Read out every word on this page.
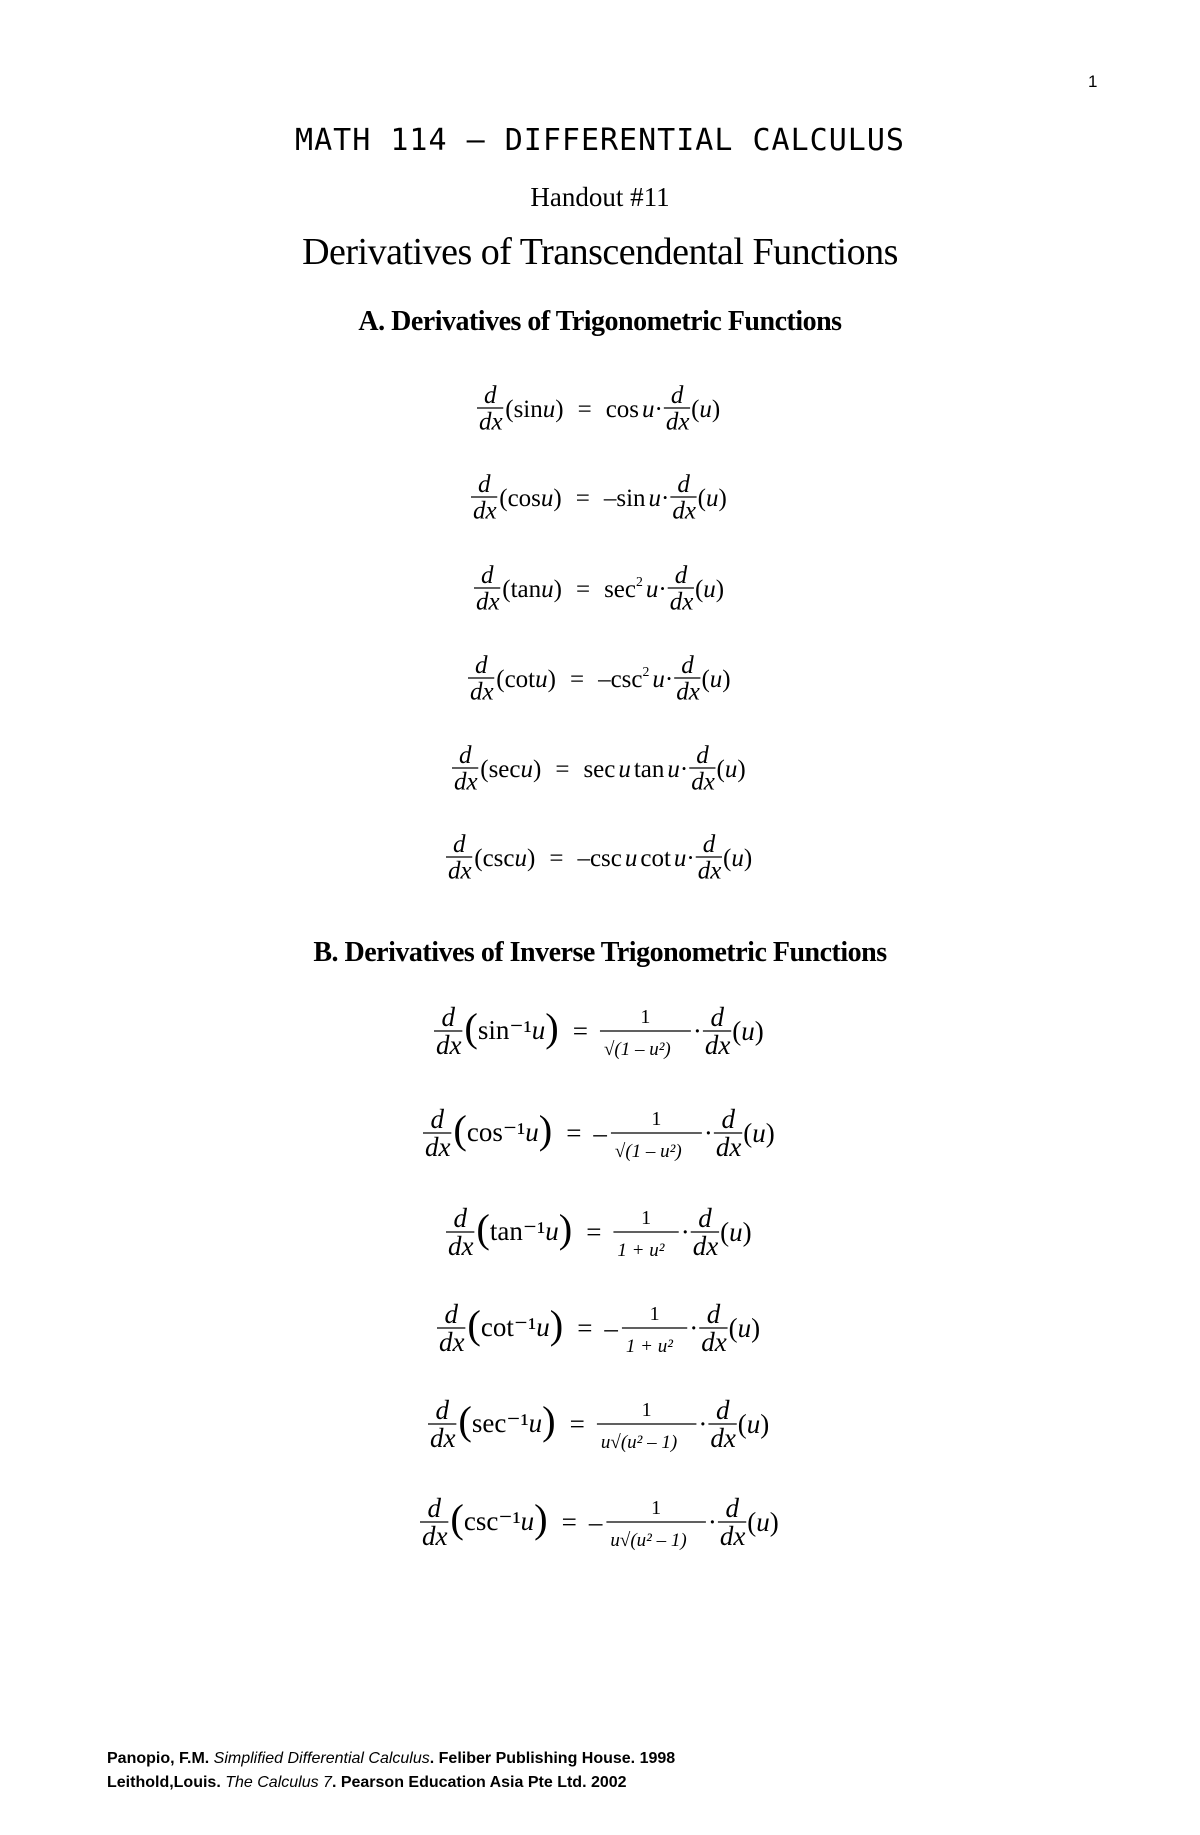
1
MATH 114 – DIFFERENTIAL CALCULUS
Handout #11
Derivatives of Transcendental Functions
A. Derivatives of Trigonometric Functions
d
dx (sin u ) = cos u ·
d
dx ( u )
d
dx (cos u ) = – sin u ·
d
dx ( u )
d
dx (tan u ) = sec 2 u ·
d
dx ( u )
d
dx (cot u ) = – csc 2 u ·
d
dx ( u )
d
dx (sec u ) = sec u tan u ·
d
dx ( u )
d
dx (csc u ) = – csc u cot u ·
d
dx ( u )
B. Derivatives of Inverse Trigonometric Functions
d
dx ( sin⁻¹ u ) =	1
√(1 – u²)
· d
dx ( u )
d
dx ( cos⁻¹ u ) = – 1
√(1 – u²)
· d
dx ( u )
d
dx ( tan⁻¹ u ) = 1
1 + u²
· d
dx ( u )
d
dx ( cot⁻¹ u ) = – 1
1 + u²
· d
dx ( u )
d
dx ( sec⁻¹ u ) =	1
u√(u² – 1)
· d
dx ( u )
d
dx ( csc⁻¹ u ) = – 1
u√(u² – 1)
· d
dx ( u )
Panopio, F.M. Simplified Differential Calculus. Feliber Publishing House. 1998
Leithold,Louis. The Calculus 7. Pearson Education Asia Pte Ltd. 2002
